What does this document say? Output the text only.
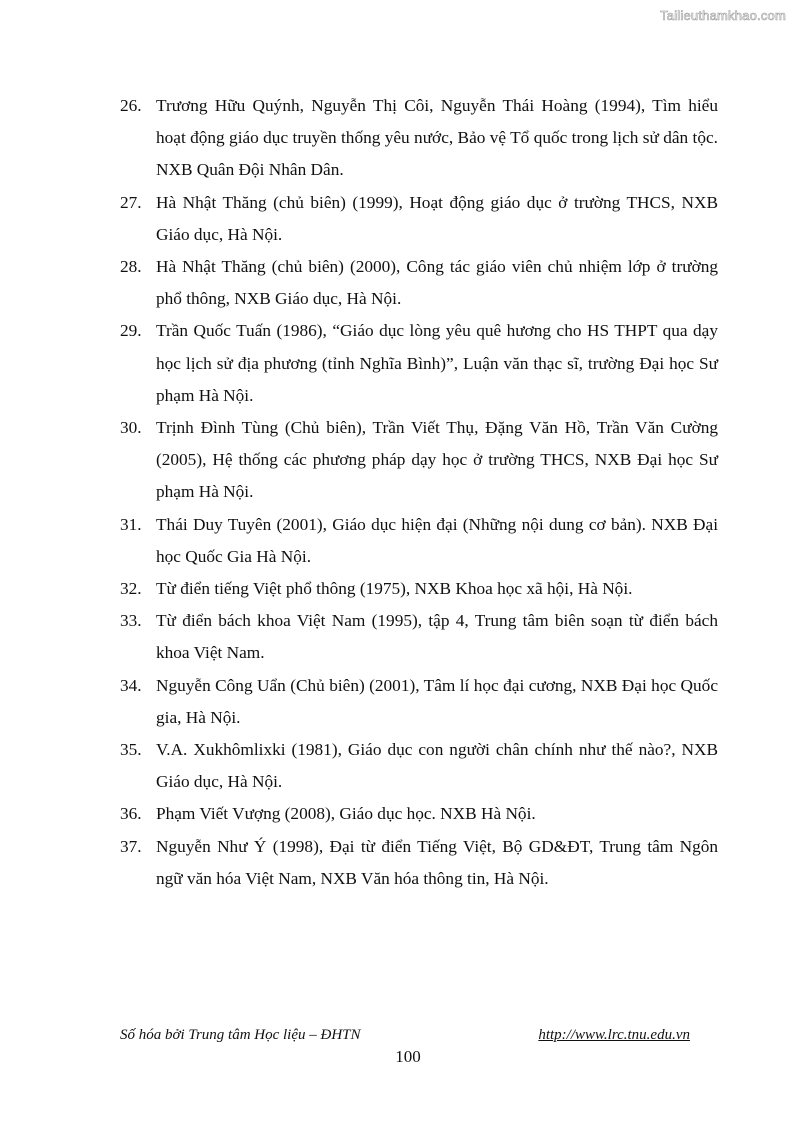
Tailieuthamkhao.com
26. Trương Hữu Quýnh, Nguyễn Thị Côi, Nguyễn Thái Hoàng (1994), Tìm hiểu hoạt động giáo dục truyền thống yêu nước, Bảo vệ Tổ quốc trong lịch sử dân tộc. NXB Quân Đội Nhân Dân.
27. Hà Nhật Thăng (chủ biên) (1999), Hoạt động giáo dục ở trường THCS, NXB Giáo dục, Hà Nội.
28. Hà Nhật Thăng (chủ biên) (2000), Công tác giáo viên chủ nhiệm lớp ở trường phổ thông, NXB Giáo dục, Hà Nội.
29. Trần Quốc Tuấn (1986), “Giáo dục lòng yêu quê hương cho HS THPT qua dạy học lịch sử địa phương (tỉnh Nghĩa Bình)”, Luận văn thạc sĩ, trường Đại học Sư phạm Hà Nội.
30. Trịnh Đình Tùng (Chủ biên), Trần Viết Thụ, Đặng Văn Hồ, Trần Văn Cường (2005), Hệ thống các phương pháp dạy học ở trường THCS, NXB Đại học Sư phạm Hà Nội.
31. Thái Duy Tuyên (2001), Giáo dục hiện đại (Những nội dung cơ bản). NXB Đại học Quốc Gia Hà Nội.
32. Từ điển tiếng Việt phổ thông (1975), NXB Khoa học xã hội, Hà Nội.
33. Từ điển bách khoa Việt Nam (1995), tập 4, Trung tâm biên soạn từ điển bách khoa Việt Nam.
34. Nguyễn Công Uẩn (Chủ biên) (2001), Tâm lí học đại cương, NXB Đại học Quốc gia, Hà Nội.
35. V.A. Xukhômlixki (1981), Giáo dục con người chân chính như thế nào?, NXB Giáo dục, Hà Nội.
36. Phạm Viết Vượng (2008), Giáo dục học. NXB Hà Nội.
37. Nguyễn Như Ý (1998), Đại từ điển Tiếng Việt, Bộ GD&ĐT, Trung tâm Ngôn ngữ văn hóa Việt Nam, NXB Văn hóa thông tin, Hà Nội.
Số hóa bởi Trung tâm Học liệu – ĐHTN	http://www.lrc.tnu.edu.vn
100
